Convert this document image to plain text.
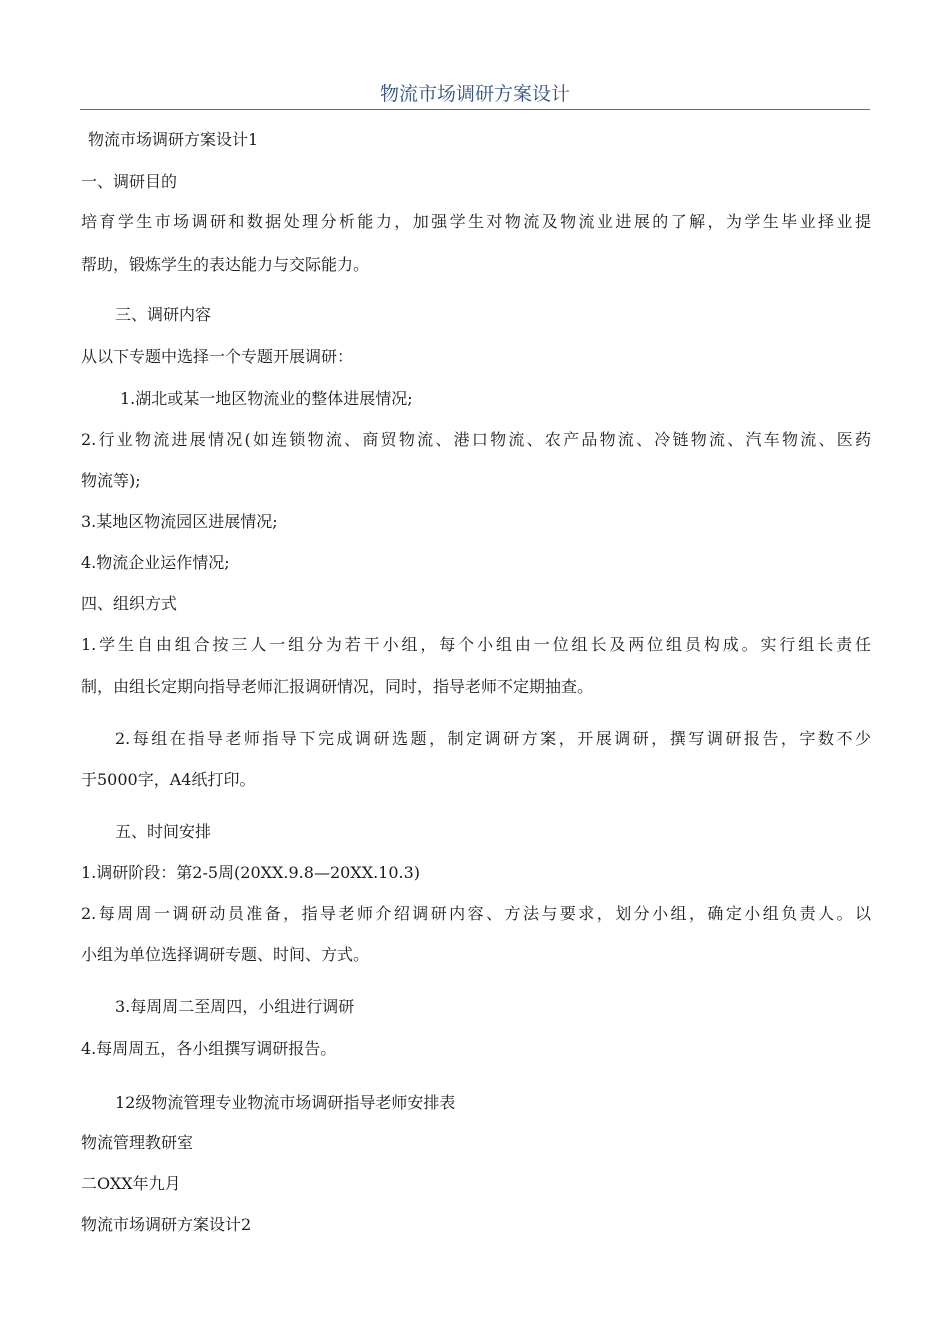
物流市场调研方案设计
物流市场调研方案设计1
一、调研目的
培育学生市场调研和数据处理分析能力，加强学生对物流及物流业进展的了解，为学生毕业择业提
帮助，锻炼学生的表达能力与交际能力。
三、调研内容
从以下专题中选择一个专题开展调研：
1.湖北或某一地区物流业的整体进展情况;
2.行业物流进展情况(如连锁物流、商贸物流、港口物流、农产品物流、冷链物流、汽车物流、医药
物流等);
3.某地区物流园区进展情况;
4.物流企业运作情况;
四、组织方式
1.学生自由组合按三人一组分为若干小组，每个小组由一位组长及两位组员构成。实行组长责任
制，由组长定期向指导老师汇报调研情况，同时，指导老师不定期抽查。
2.每组在指导老师指导下完成调研选题，制定调研方案，开展调研，撰写调研报告，字数不少
于5000字，A4纸打印。
五、时间安排
1.调研阶段：第2-5周(20XX.9.8—20XX.10.3)
2.每周周一调研动员准备，指导老师介绍调研内容、方法与要求，划分小组，确定小组负责人。以
小组为单位选择调研专题、时间、方式。
3.每周周二至周四，小组进行调研
4.每周周五，各小组撰写调研报告。
12级物流管理专业物流市场调研指导老师安排表
物流管理教研室
二OXX年九月
物流市场调研方案设计2
